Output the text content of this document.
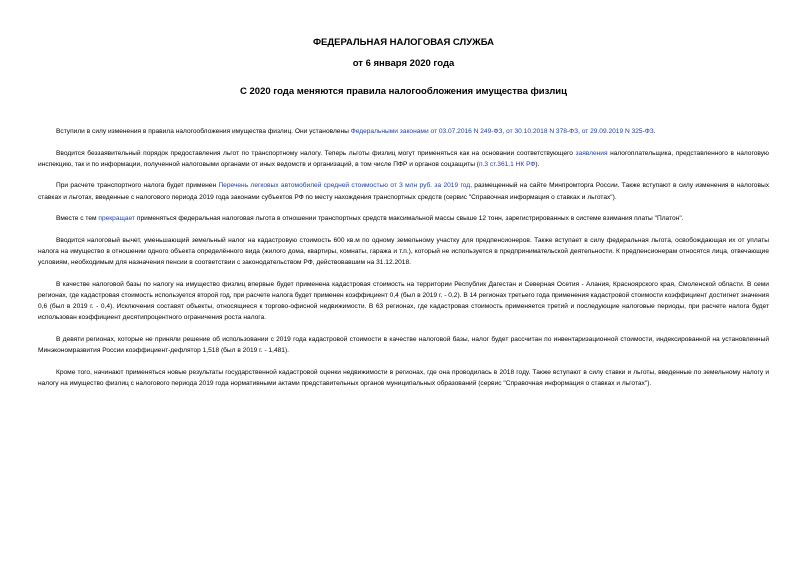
ФЕДЕРАЛЬНАЯ НАЛОГОВАЯ СЛУЖБА
от 6 января 2020 года
С 2020 года меняются правила налогообложения имущества физлиц

Вступили в силу изменения в правила налогообложения имущества физлиц. Они установлены Федеральными законами от 03.07.2016 N 249-ФЗ, от 30.10.2018 N 378-ФЗ, от 29.09.2019 N 325-ФЗ.

Вводится беззаявительный порядок предоставления льгот по транспортному налогу. Теперь льготы физлиц могут применяться как на основании соответствующего заявления налогоплательщика, представленного в налоговую инспекцию, так и по информации, полученной налоговыми органами от иных ведомств и организаций, в том числе ПФР и органов соцзащиты (п.3 ст.361.1 НК РФ).

При расчете транспортного налога будет применен Перечень легковых автомобилей средней стоимостью от 3 млн руб. за 2019 год, размещенный на сайте Минпромторга России. Также вступают в силу изменения в налоговых ставках и льготах, введенные с налогового периода 2019 года законами субъектов РФ по месту нахождения транспортных средств (сервис "Справочная информация о ставках и льготах").

Вместе с тем прекращает применяться федеральная налоговая льгота в отношении транспортных средств максимальной массы свыше 12 тонн, зарегистрированных в системе взимания платы "Платон".

Вводится налоговый вычет, уменьшающий земельный налог на кадастровую стоимость 600 кв.м по одному земельному участку для предпенсионеров. Также вступает в силу федеральная льгота, освобождающая их от уплаты налога на имущество в отношении одного объекта определённого вида (жилого дома, квартиры, комнаты, гаража и т.п.), который не используется в предпринимательской деятельности. К предпенсионерам относятся лица, отвечающие условиям, необходимым для назначения пенсии в соответствии с законодательством РФ, действовавшим на 31.12.2018.

В качестве налоговой базы по налогу на имущество физлиц впервые будет применена кадастровая стоимость на территории Республик Дагестан и Северная Осетия - Алания, Красноярского края, Смоленской области. В семи регионах, где кадастровая стоимость используется второй год, при расчете налога будет применен коэффициент 0,4 (был в 2019 г. - 0,2). В 14 регионах третьего года применения кадастровой стоимости коэффициент достигнет значения 0,6 (был в 2019 г. - 0,4). Исключения составят объекты, относящиеся к торгово-офисной недвижимости. В 63 регионах, где кадастровая стоимость применяется третий и последующие налоговые периоды, при расчете налога будет использован коэффициент десятипроцентного ограничения роста налога.

В девяти регионах, которые не приняли решение об использовании с 2019 года кадастровой стоимости в качестве налоговой базы, налог будет рассчитан по инвентаризационной стоимости, индексированной на установленный Минэкономразвития России коэффициент-дефлятор 1,518 (был в 2019 г. - 1,481).

Кроме того, начинают применяться новые результаты государственной кадастровой оценки недвижимости в регионах, где она проводилась в 2018 году. Также вступают в силу ставки и льготы, введенные по земельному налогу и налогу на имущество физлиц с налогового периода 2019 года нормативными актами представительных органов муниципальных образований (сервис "Справочная информация о ставках и льготах").
